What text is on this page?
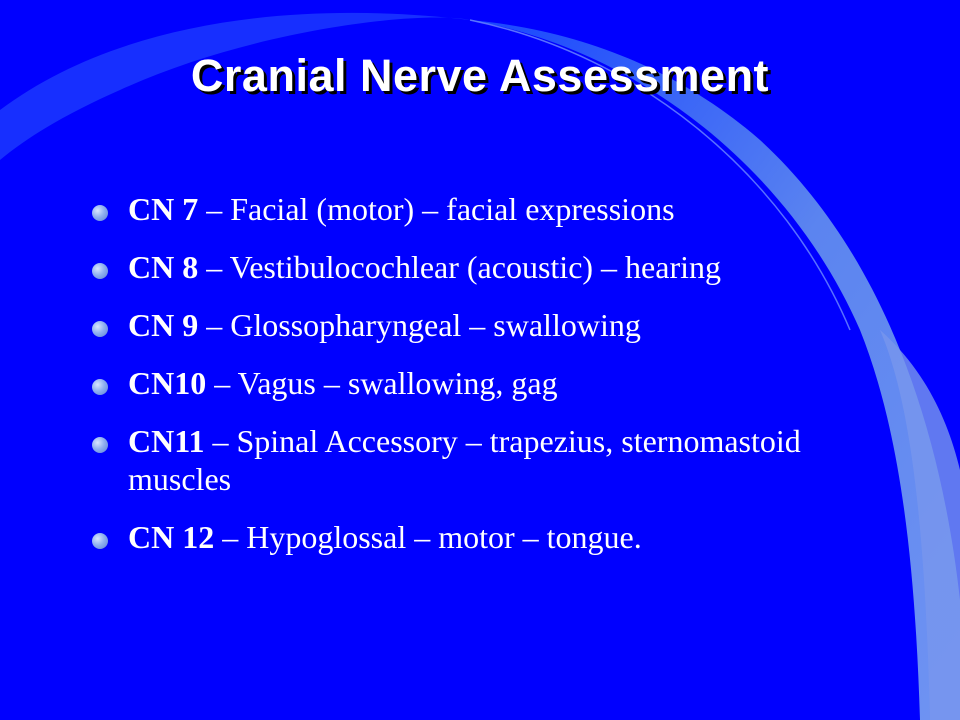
Cranial Nerve Assessment
CN 7 – Facial (motor) – facial expressions
CN 8 – Vestibulocochlear (acoustic) – hearing
CN 9 – Glossopharyngeal – swallowing
CN10 – Vagus – swallowing, gag
CN11 – Spinal Accessory – trapezius, sternomastoid muscles
CN 12 – Hypoglossal – motor – tongue.
